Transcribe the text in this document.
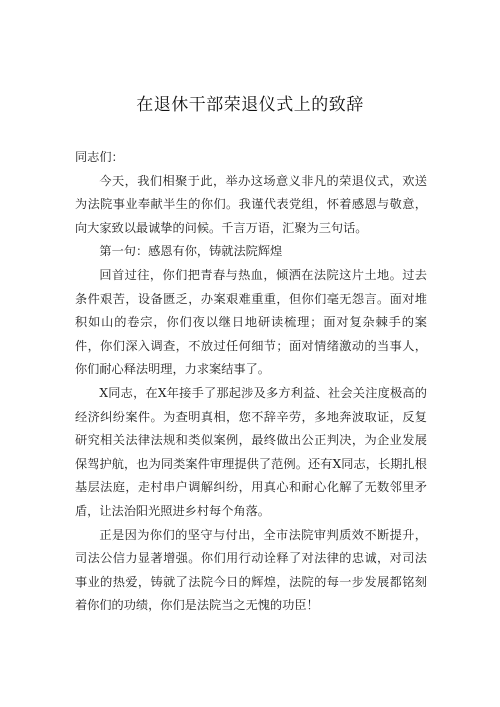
在退休干部荣退仪式上的致辞

同志们：

今天，我们相聚于此，举办这场意义非凡的荣退仪式，欢送为法院事业奉献半生的你们。我谨代表党组，怀着感恩与敬意，向大家致以最诚挚的问候。千言万语，汇聚为三句话。

第一句：感恩有你，铸就法院辉煌

回首过往，你们把青春与热血，倾洒在法院这片土地。过去条件艰苦，设备匮乏，办案艰难重重，但你们毫无怨言。面对堆积如山的卷宗，你们夜以继日地研读梳理；面对复杂棘手的案件，你们深入调查，不放过任何细节；面对情绪激动的当事人，你们耐心释法明理，力求案结事了。

X同志，在X年接手了那起涉及多方利益、社会关注度极高的经济纠纷案件。为查明真相，您不辞辛劳，多地奔波取证，反复研究相关法律法规和类似案例，最终做出公正判决，为企业发展保驾护航，也为同类案件审理提供了范例。还有X同志，长期扎根基层法庭，走村串户调解纠纷，用真心和耐心化解了无数邻里矛盾，让法治阳光照进乡村每个角落。

正是因为你们的坚守与付出，全市法院审判质效不断提升，司法公信力显著增强。你们用行动诠释了对法律的忠诚，对司法事业的热爱，铸就了法院今日的辉煌，法院的每一步发展都铭刻着你们的功绩，你们是法院当之无愧的功臣！
